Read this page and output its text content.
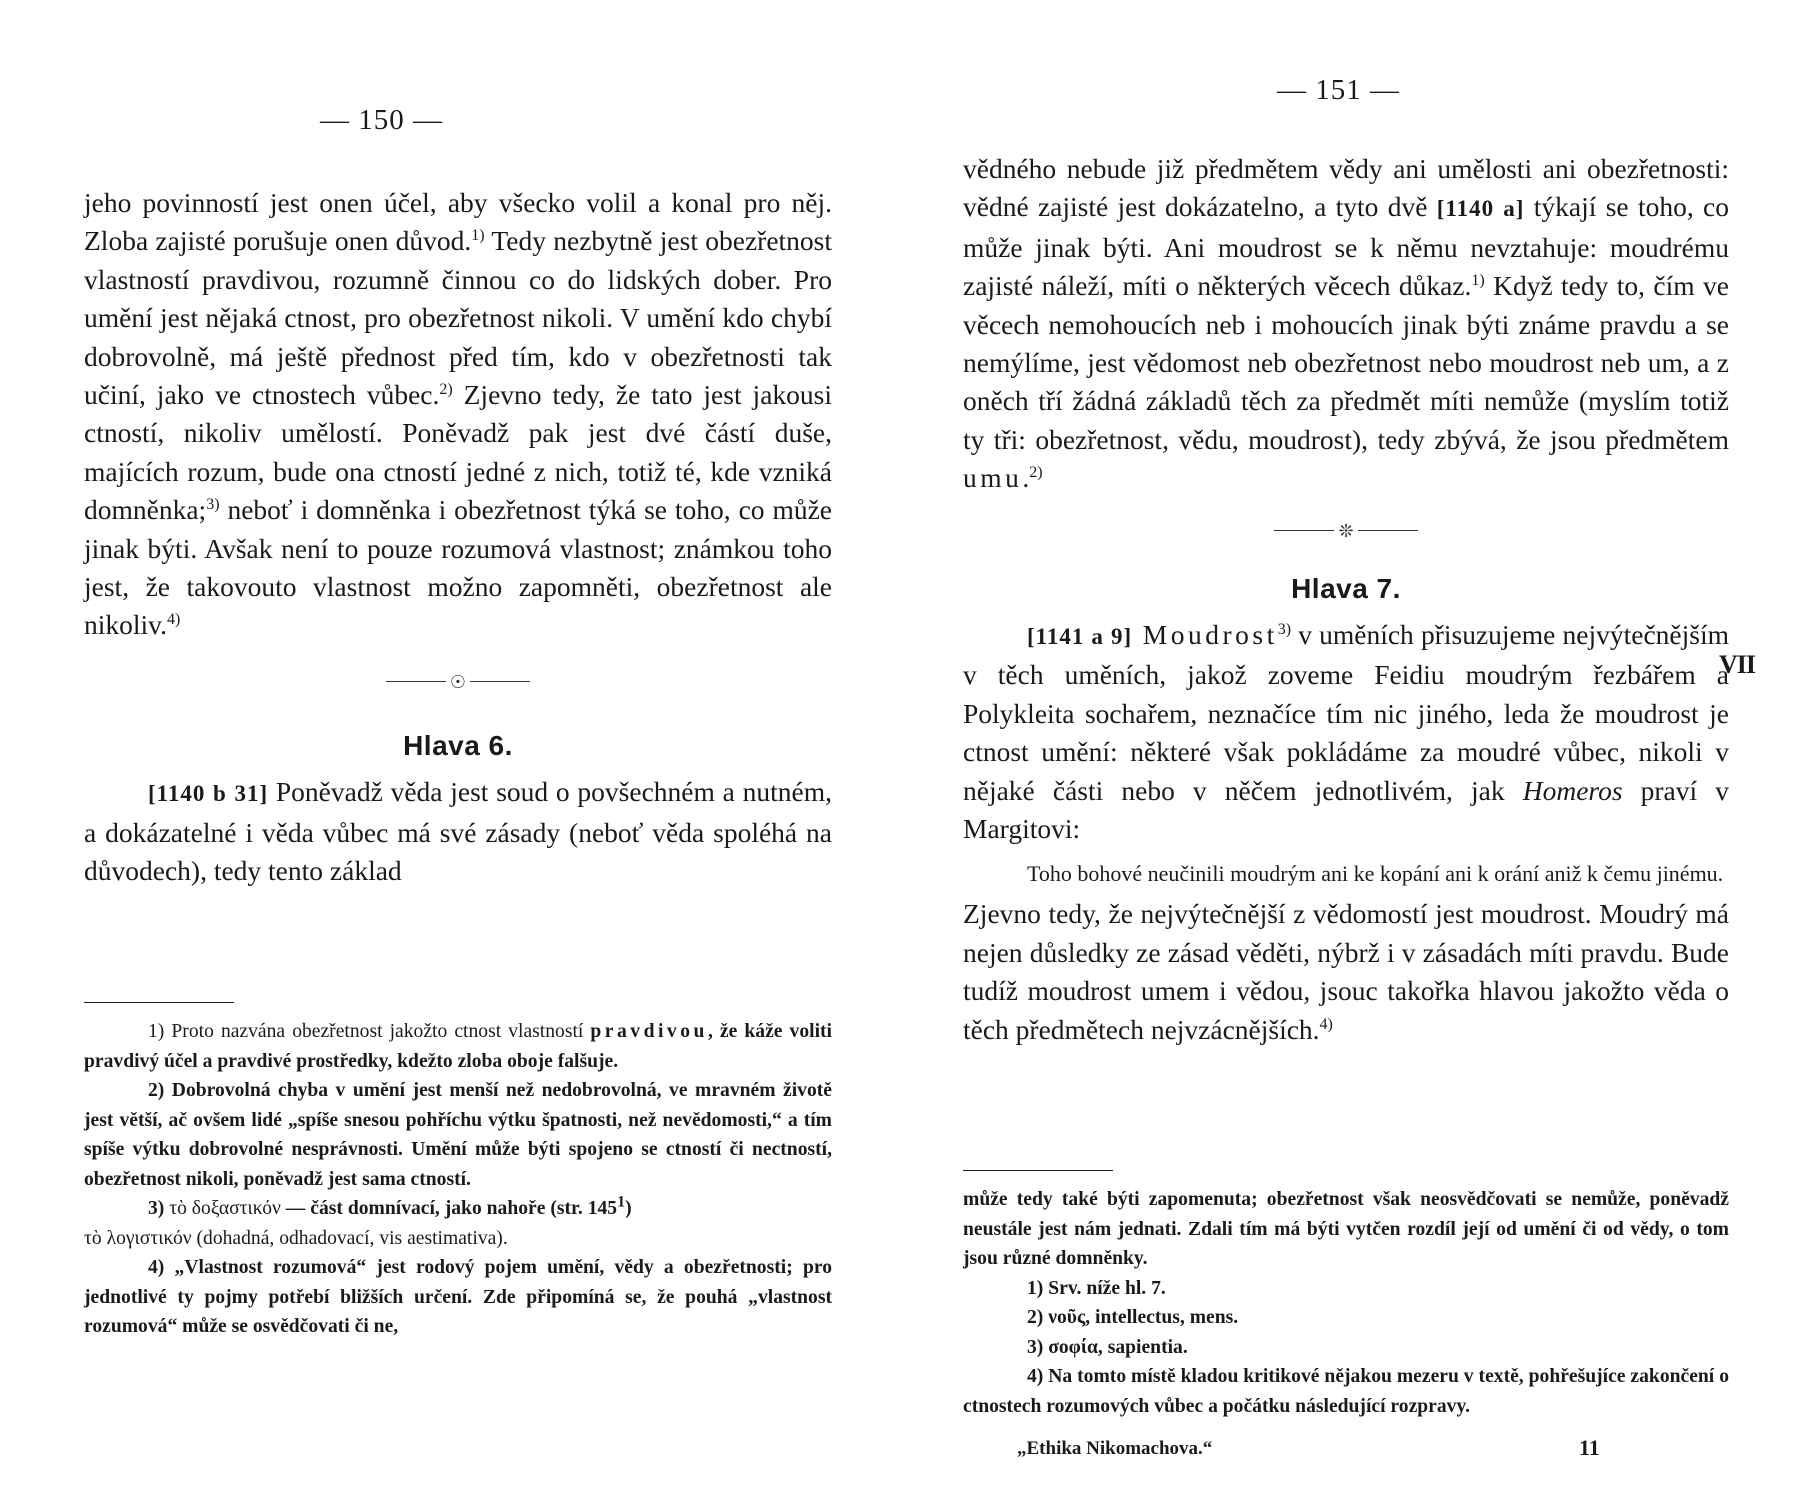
— 150 —

jeho povinností jest onen účel, aby všecko volil a konal pro něj. Zloba zajisté porušuje onen důvod.$^{1)}$ Tedy nezbytně jest obezřetnost vlastností pravdivou, rozumně činnou co do lidských dober. Pro umění jest nějaká ctnost, pro obezřetnost nikoli. V umění kdo chybí dobrovolně, má ještě přednost před tím, kdo v obezřetnosti tak učiní, jako ve ctnostech vůbec.$^{2)}$ Zjevno tedy, že tato jest jakousi ctností, nikoliv umělostí. Poněvadž pak jest dvé částí duše, majících rozum, bude ona ctností jedné z nich, totiž té, kde vzniká domněnka;$^{3)}$ neboť i domněnka i obezřetnost týká se toho, co může jinak býti. Avšak není to pouze rozumová vlastnost; známkou toho jest, že takovouto vlastnost možno zapomněti, obezřetnost ale nikoliv.$^{4)}$

☉
Hlava 6.

[1140 b 31] Poněvadž věda jest soud o povšechném a nutném, a dokázatelné i věda vůbec má své zásady (neboť věda spoléhá na důvodech), tedy tento základ

1) Proto nazvána obezřetnost jakožto ctnost vlastností pravdivou, že káže voliti pravdivý účel a pravdivé prostředky, kdežto zloba oboje falšuje.

2) Dobrovolná chyba v umění jest menší než nedobrovolná, ve mravném životě jest větší, ač ovšem lidé „spíše snesou pohříchu výtku špatnosti, než nevědomosti,“ a tím spíše výtku dobrovolné nesprávnosti. Umění může býti spojeno se ctností či nectností, obezřetnost nikoli, poněvadž jest sama ctností.

3) τὸ δοξαστικόν — část domnívací, jako nahoře (str. $145^1$)
τὸ λογιστικόν (dohadná, odhadovací, vis aestimativa).

4) „Vlastnost rozumová“ jest rodový pojem umění, vědy a obezřetnosti; pro jednotlivé ty pojmy potřebí bližších určení. Zde připomíná se, že pouhá „vlastnost rozumová“ může se osvědčovati či ne,

— 151 —

vědného nebude již předmětem vědy ani umělosti ani obezřetnosti: vědné zajisté jest dokázatelno, a tyto dvě [1140 a] týkají se toho, co může jinak býti. Ani moudrost se k němu nevztahuje: moudrému zajisté náleží, míti o některých věcech důkaz.$^{1)}$ Když tedy to, čím ve věcech nemohoucích neb i mohoucích jinak býti známe pravdu a se nemýlíme, jest vědomost neb obezřetnost nebo moudrost neb um, a z oněch tří žádná základů těch za předmět míti nemůže (myslím totiž ty tři: obezřetnost, vědu, moudrost), tedy zbývá, že jsou předmětem umu.$^{2)}$

❊
Hlava 7.

[1141 a 9] Moudrost$^{3)}$ v uměních přisuzujeme nejvýtečnějším v těch uměních, jakož zoveme Feidiu moudrým řezbářem a Polykleita sochařem, neznačíce tím nic jiného, leda že moudrost je ctnost umění: některé však pokládáme za moudré vůbec, nikoli v nějaké části nebo v něčem jednotlivém, jak Homeros praví v Margitovi:

Toho bohové neučinili moudrým ani ke kopání ani k orání aniž k čemu jinému.

Zjevno tedy, že nejvýtečnější z vědomostí jest moudrost. Moudrý má nejen důsledky ze zásad věděti, nýbrž i v zásadách míti pravdu. Bude tudíž moudrost umem i vědou, jsouc takořka hlavou jakožto věda o těch předmětech nejvzácnějších.$^{4)}$

VII

může tedy také býti zapomenuta; obezřetnost však neosvědčovati se nemůže, poněvadž neustále jest nám jednati. Zdali tím má býti vytčen rozdíl její od umění či od vědy, o tom jsou různé domněnky.

1) Srv. níže hl. 7.

2) νοῦς, intellectus, mens.

3) σοφία, sapientia.

4) Na tomto místě kladou kritikové nějakou mezeru v textě, pohřešujíce zakončení o ctnostech rozumových vůbec a počátku následující rozpravy.

„Ethika Nikomachova.“	11
